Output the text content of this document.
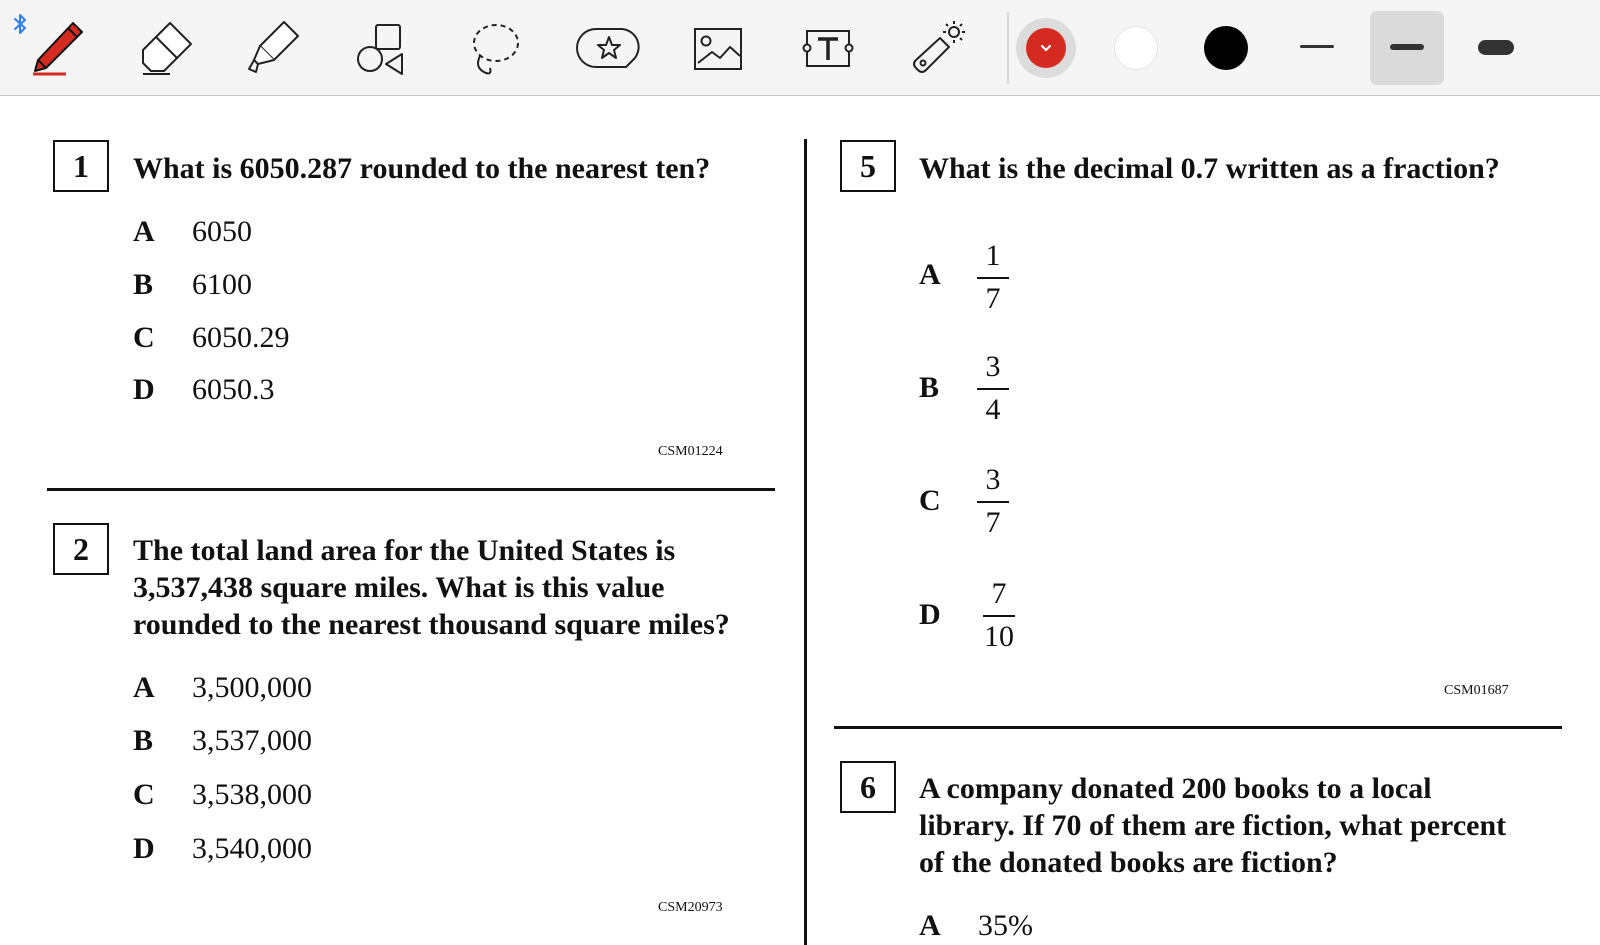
1	What is 6050.287 rounded to the nearest ten?
A 6050
B 6100
C 6050.29
D 6050.3
CSM01224
2	The total land area for the United States is
3,537,438 square miles. What is this value
rounded to the nearest thousand square miles?
A 3,500,000
B 3,537,000
C 3,538,000
D 3,540,000
CSM20973
5	What is the decimal 0.7 written as a fraction?
A
1
7
B
3
4
C
3
7
D
7
10
CSM01687
6	A company donated 200 books to a local
library. If 70 of them are fiction, what percent
of the donated books are fiction?
A 35%
